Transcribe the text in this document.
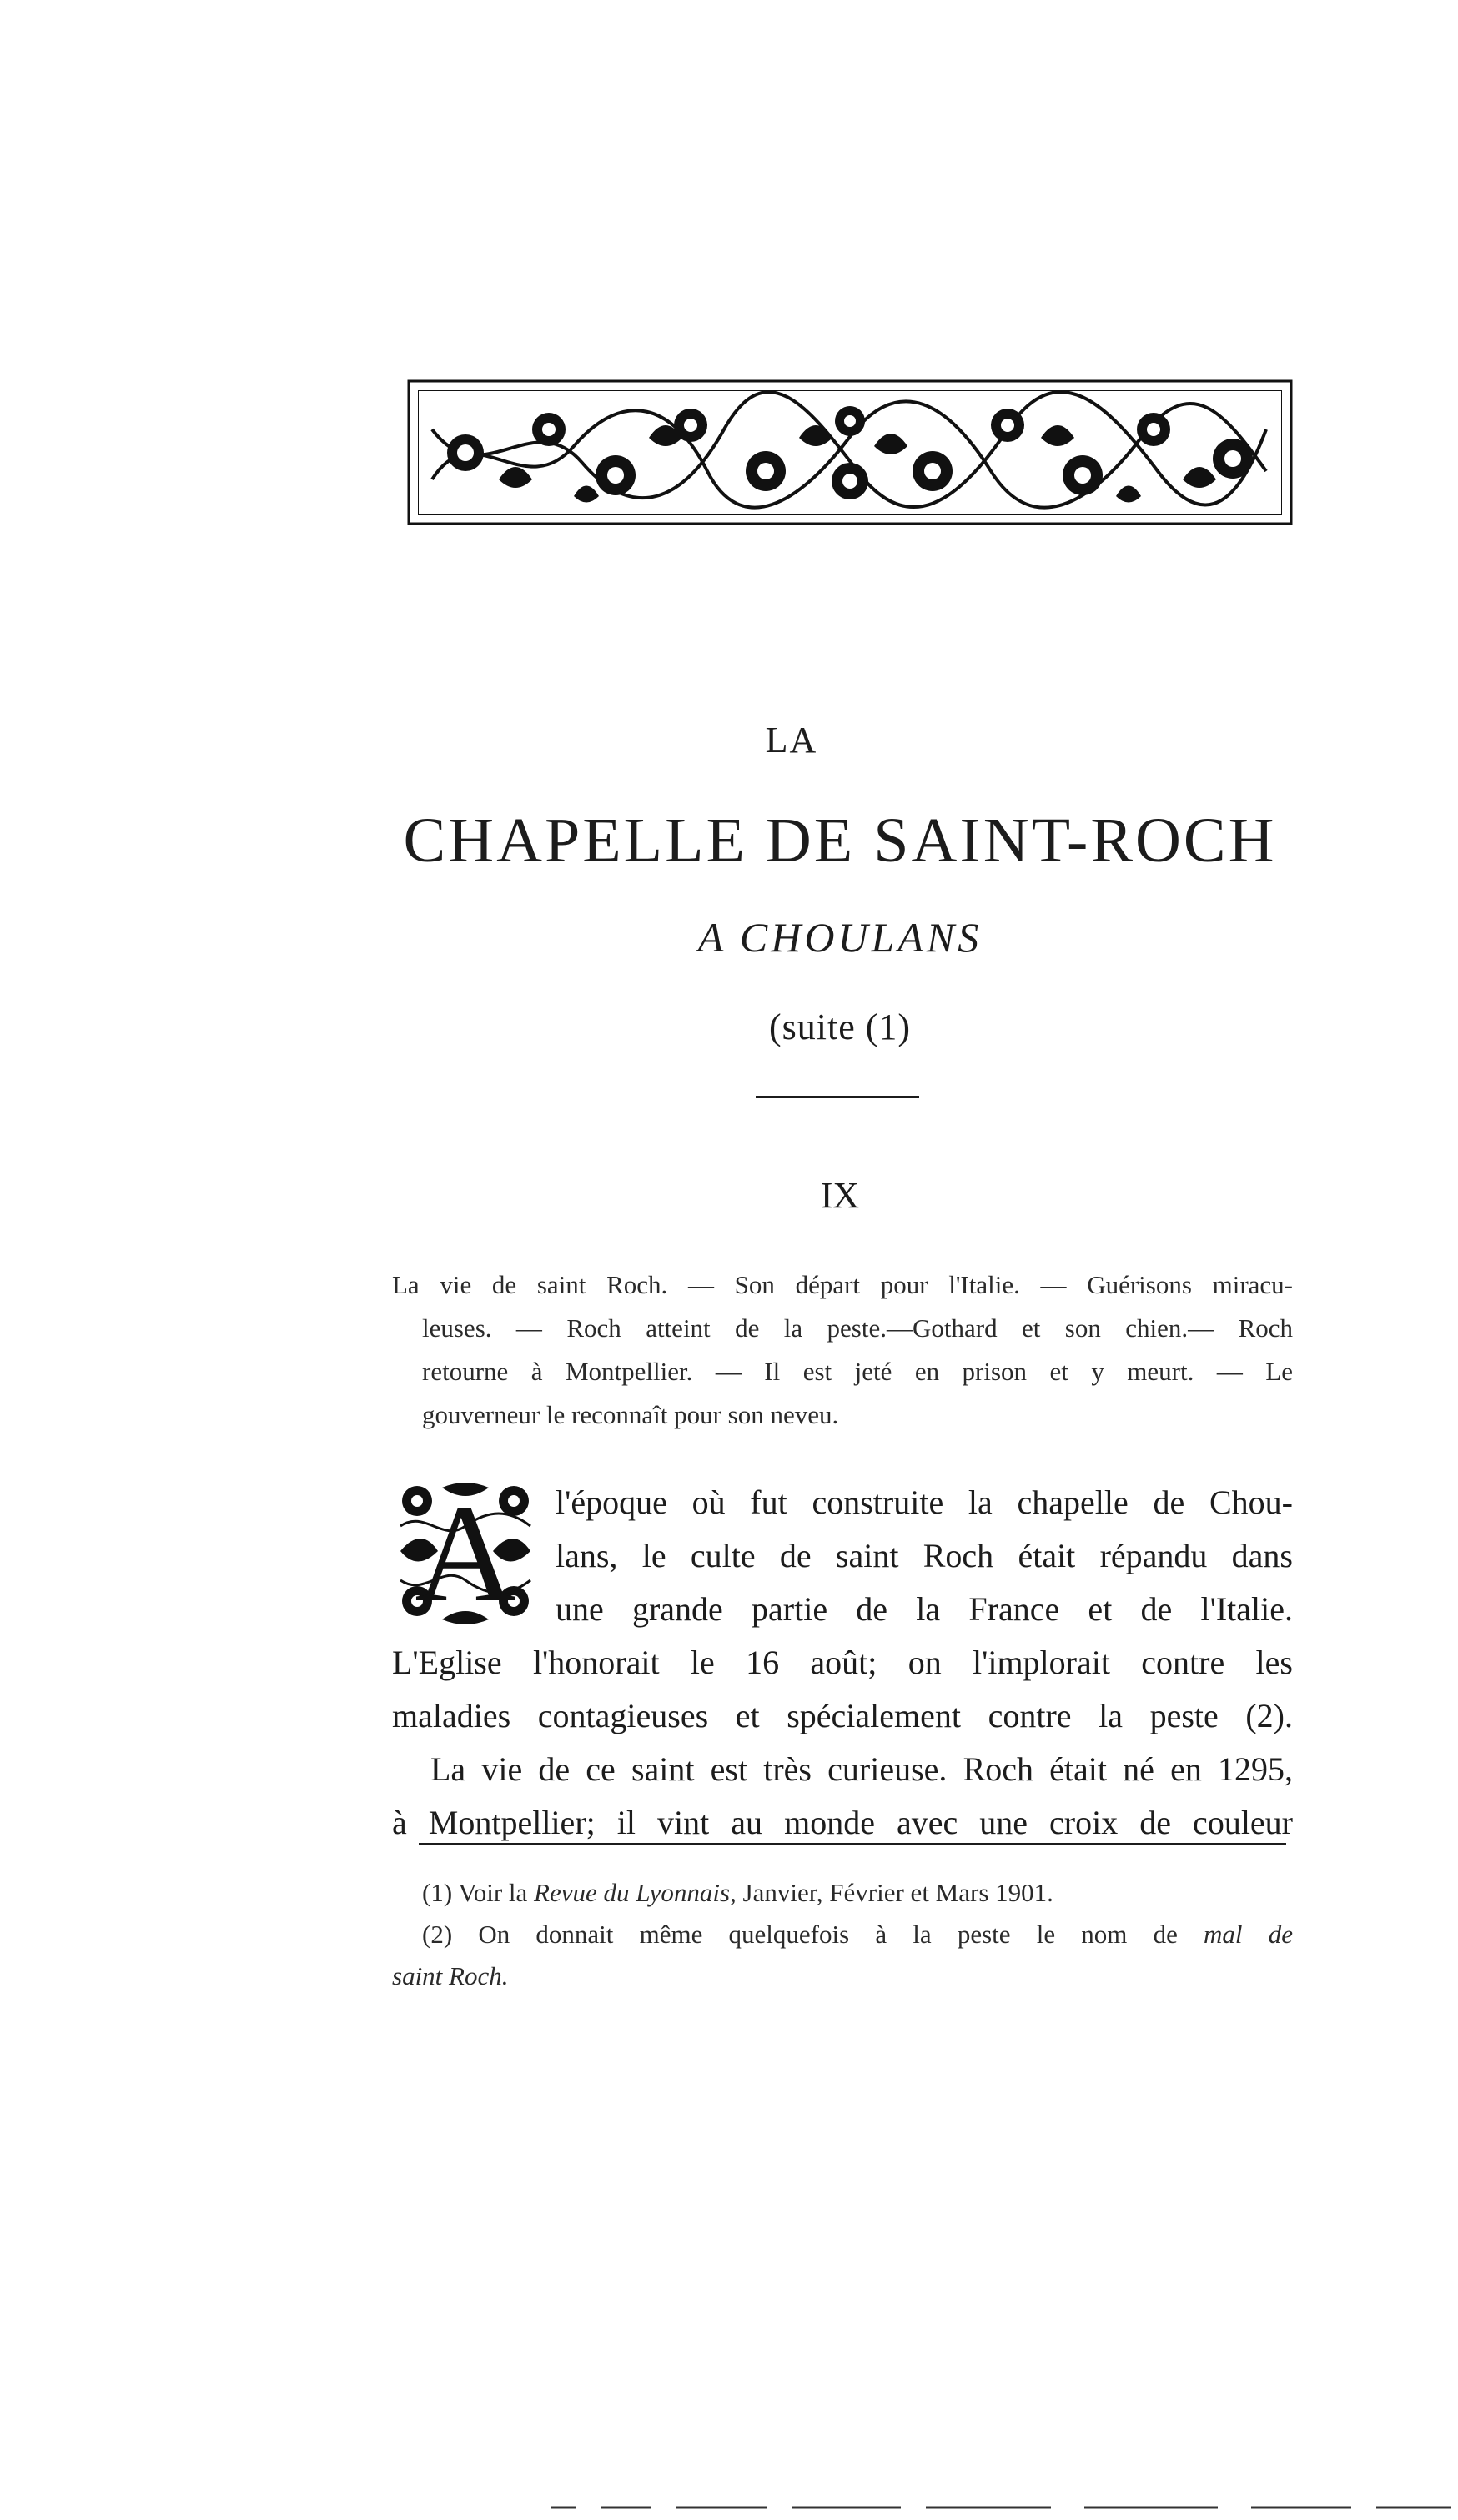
LA
CHAPELLE DE SAINT-ROCH
A CHOULANS
(suite (1)
IX
La vie de saint Roch. — Son départ pour l'Italie. — Guérisons miracu-
leuses. — Roch atteint de la peste.—Gothard et son chien.— Roch
retourne à Montpellier. — Il est jeté en prison et y meurt. — Le
gouverneur le reconnaît pour son neveu.
A	l'époque où fut construite la chapelle de Chou-
lans, le culte de saint Roch était répandu dans
une grande partie de la France et de l'Italie.
L'Eglise l'honorait le 16 août; on l'implorait contre les
maladies contagieuses et spécialement contre la peste (2).
La vie de ce saint est très curieuse. Roch était né en 1295,
à Montpellier; il vint au monde avec une croix de couleur
(1) Voir la Revue du Lyonnais, Janvier, Février et Mars 1901.
(2) On donnait même quelquefois à la peste le nom de mal de
saint Roch.
